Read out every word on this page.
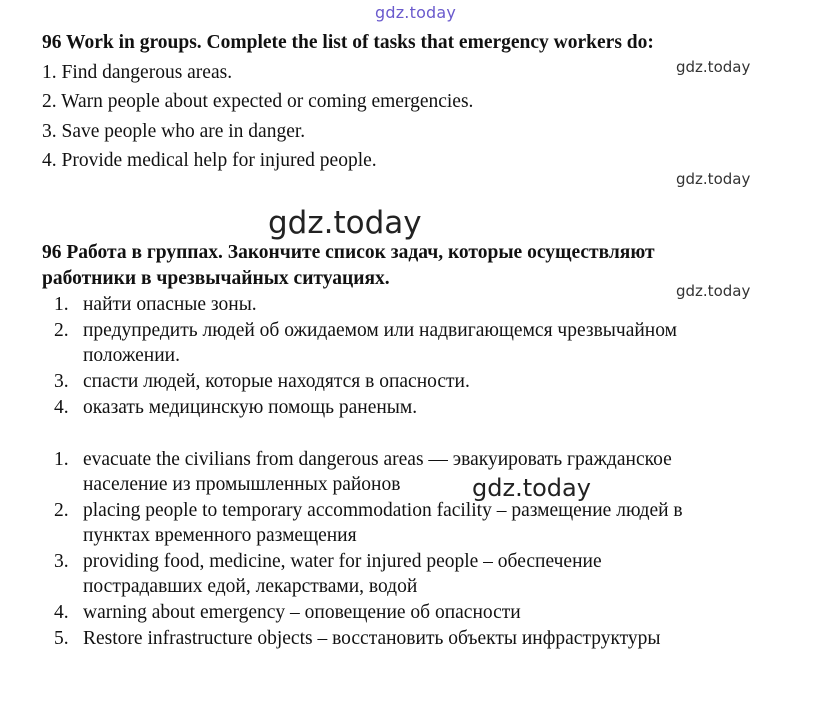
gdz.today
gdz.today
gdz.today
gdz.today
gdz.today
gdz.today
96 Work in groups. Complete the list of tasks that emergency workers do:
1. Find dangerous areas.
2. Warn people about expected or coming emergencies.
3. Save people who are in danger.
4. Provide medical help for injured people.
96 Работа в группах. Закончите список задач, которые осуществляют
работники в чрезвычайных ситуациях.
1. найти опасные зоны.
2. предупредить людей об ожидаемом или надвигающемся чрезвычайном
положении.
3. спасти людей, которые находятся в опасности.
4. оказать медицинскую помощь раненым.
1. evacuate the civilians from dangerous areas — эвакуировать гражданское
население из промышленных районов
2. placing people to temporary accommodation facility – размещение людей в
пунктах временного размещения
3. providing food, medicine, water for injured people – обеспечение
пострадавших едой, лекарствами, водой
4. warning about emergency – оповещение об опасности
5. Restore infrastructure objects – восстановить объекты инфраструктуры
